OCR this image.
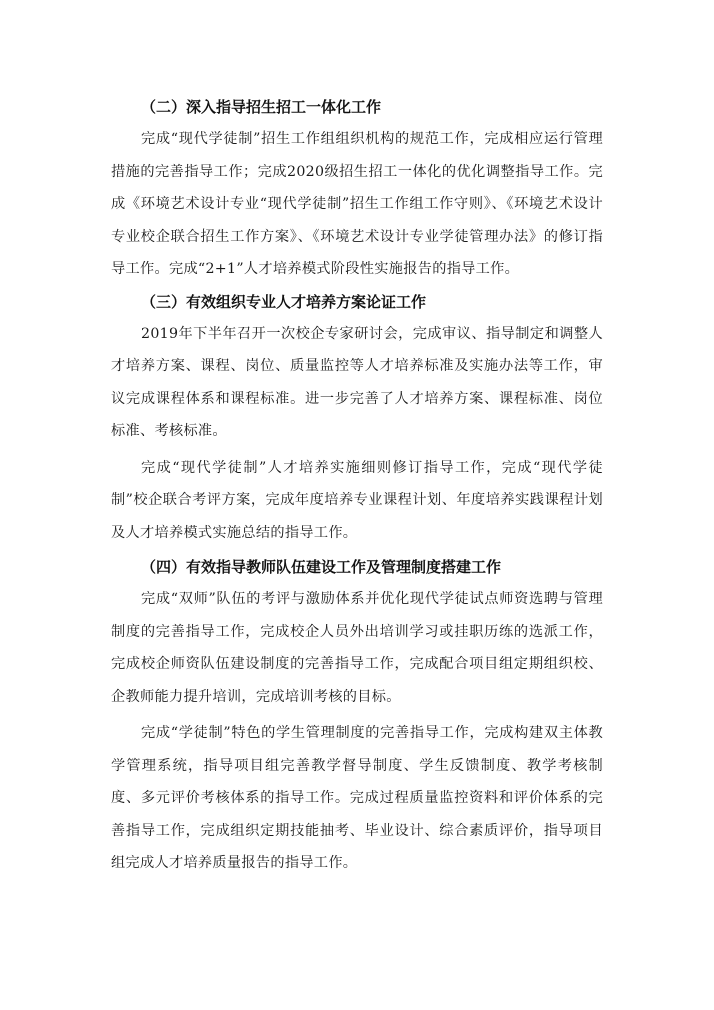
（二）深入指导招生招工一体化工作

完成“现代学徒制”招生工作组组织机构的规范工作，完成相应运行管理措施的完善指导工作；完成2020级招生招工一体化的优化调整指导工作。完成《环境艺术设计专业“现代学徒制”招生工作组工作守则》、《环境艺术设计专业校企联合招生工作方案》、《环境艺术设计专业学徒管理办法》的修订指导工作。完成“2+1”人才培养模式阶段性实施报告的指导工作。

（三）有效组织专业人才培养方案论证工作

2019年下半年召开一次校企专家研讨会，完成审议、指导制定和调整人才培养方案、课程、岗位、质量监控等人才培养标准及实施办法等工作，审议完成课程体系和课程标准。进一步完善了人才培养方案、课程标准、岗位标准、考核标准。

完成“现代学徒制”人才培养实施细则修订指导工作，完成“现代学徒制”校企联合考评方案，完成年度培养专业课程计划、年度培养实践课程计划及人才培养模式实施总结的指导工作。

（四）有效指导教师队伍建设工作及管理制度搭建工作

完成“双师”队伍的考评与激励体系并优化现代学徒试点师资选聘与管理制度的完善指导工作，完成校企人员外出培训学习或挂职历练的选派工作，完成校企师资队伍建设制度的完善指导工作，完成配合项目组定期组织校、企教师能力提升培训，完成培训考核的目标。

完成“学徒制”特色的学生管理制度的完善指导工作，完成构建双主体教学管理系统，指导项目组完善教学督导制度、学生反馈制度、教学考核制度、多元评价考核体系的指导工作。完成过程质量监控资料和评价体系的完善指导工作，完成组织定期技能抽考、毕业设计、综合素质评价，指导项目组完成人才培养质量报告的指导工作。
